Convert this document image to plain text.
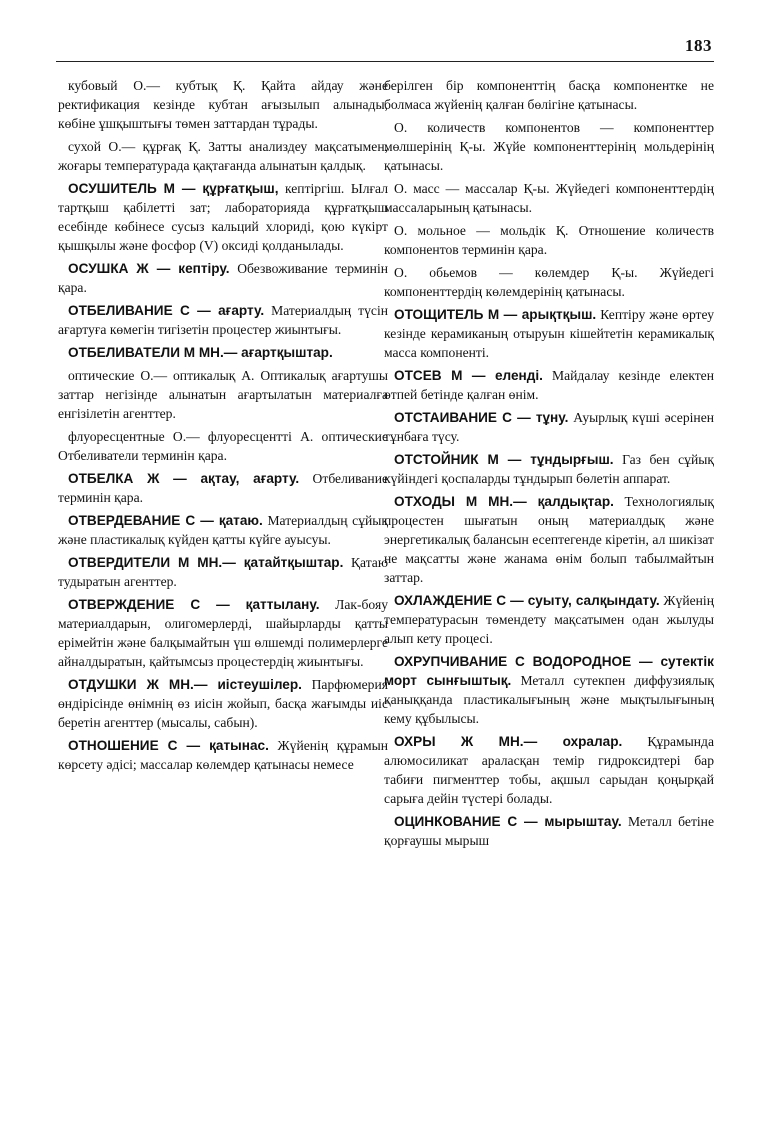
183

кубовый О.— кубтық Қ. Қайта айдау және ректификация кезінде кубтан ағызылып алынады, көбіне ұшқыштығы төмен заттардан тұрады.

сухой О.— құрғақ Қ. Затты анализдеу мақсатымен, жоғары температурада қақтағанда алынатын қалдық.

ОСУШИТЕЛЬ М — құрғатқыш, кептіргіш. Ылғал тартқыш қабілетті зат; лабораторияда құрғатқыш есебінде көбінесе сусыз кальций хлориді, қою күкірт қышқылы және фосфор (V) оксиді қолданылады.

ОСУШКА Ж — кептіру. Обезвоживание терминін қара.

ОТБЕЛИВАНИЕ С — ағарту. Материалдың түсін ағартуға көмегін тигізетін процестер жиынтығы.

ОТБЕЛИВАТЕЛИ М МН.— ағартқыштар.

оптические О.— оптикалық А. Оптикалық ағартушы заттар негізінде алынатын ағартылатын материалға енгізілетін агенттер.

флуоресцентные О.— флуоресцентті А. оптические Отбеливатели терминін қара.

ОТБЕЛКА Ж — ақтау, ағарту. Отбеливание терминін қара.

ОТВЕРДЕВАНИЕ С — қатаю. Материалдың сұйық және пластикалық күйден қатты күйге ауысуы.

ОТВЕРДИТЕЛИ М МН.— қатайтқыштар. Қатаю тудыратын агенттер.

ОТВЕРЖДЕНИЕ С — қаттылану. Лак-бояу материалдарын, олигомерлерді, шайырларды қатты ерімейтін және балқымайтын үш өлшемді полимерлерге айналдыратын, қайтымсыз процестердің жиынтығы.

ОТДУШКИ Ж МН.— иістеушілер. Парфюмерия өндірісінде өнімнің өз иісін жойып, басқа жағымды иіс беретін агенттер (мысалы, сабын).

ОТНОШЕНИЕ С — қатынас. Жүйенің құрамын көрсету әдісі; массалар көлемдер қатынасы немесе

берілген бір компоненттің басқа компонентке не болмаса жүйенің қалған бөлігіне қатынасы.

О. количеств компонентов — компоненттер мөлшерінің Қ-ы. Жүйе компоненттерінің мольдерінің қатынасы.

О. масс — массалар Қ-ы. Жүйедегі компоненттердің массаларының қатынасы.

О. мольное — мольдік Қ. Отношение количеств компонентов терминін қара.

О. обьемов — көлемдер Қ-ы. Жүйедегі компоненттердің көлемдерінің қатынасы.

ОТОЩИТЕЛЬ М — арықтқыш. Кептіру және өртеу кезінде керамиканың отыруын кішейтетін керамикалық масса компоненті.

ОТСЕВ М — еленді. Майдалау кезінде електен өтпей бетінде қалған өнім.

ОТСТАИВАНИЕ С — тұну. Ауырлық күші әсерінен тұнбаға түсу.

ОТСТОЙНИК М — тұндырғыш. Газ бен сұйық күйіндегі қоспаларды тұндырып бөлетін аппарат.

ОТХОДЫ М МН.— қалдықтар. Технологиялық процестен шығатын оның материалдық және энергетикалық балансын есептегенде кіретін, ал шикізат не мақсатты және жанама өнім болып табылмайтын заттар.

ОХЛАЖДЕНИЕ С — суыту, салқындату. Жүйенің температурасын төмендету мақсатымен одан жылуды алып кету процесі.

ОХРУПЧИВАНИЕ С ВОДОРОДНОЕ — сутектік морт сынғыштық. Металл сутекпен диффузиялық қаныққанда пластикалығының және мықтылығының кему құбылысы.

ОХРЫ Ж МН.— охралар. Құрамында алюмосиликат араласқан темір гидроксидтері бар табиғи пигменттер тобы, ақшыл сарыдан қоңырқай сарыға дейін түстері болады.

ОЦИНКОВАНИЕ С — мырыштау. Металл бетіне қорғаушы мырыш
